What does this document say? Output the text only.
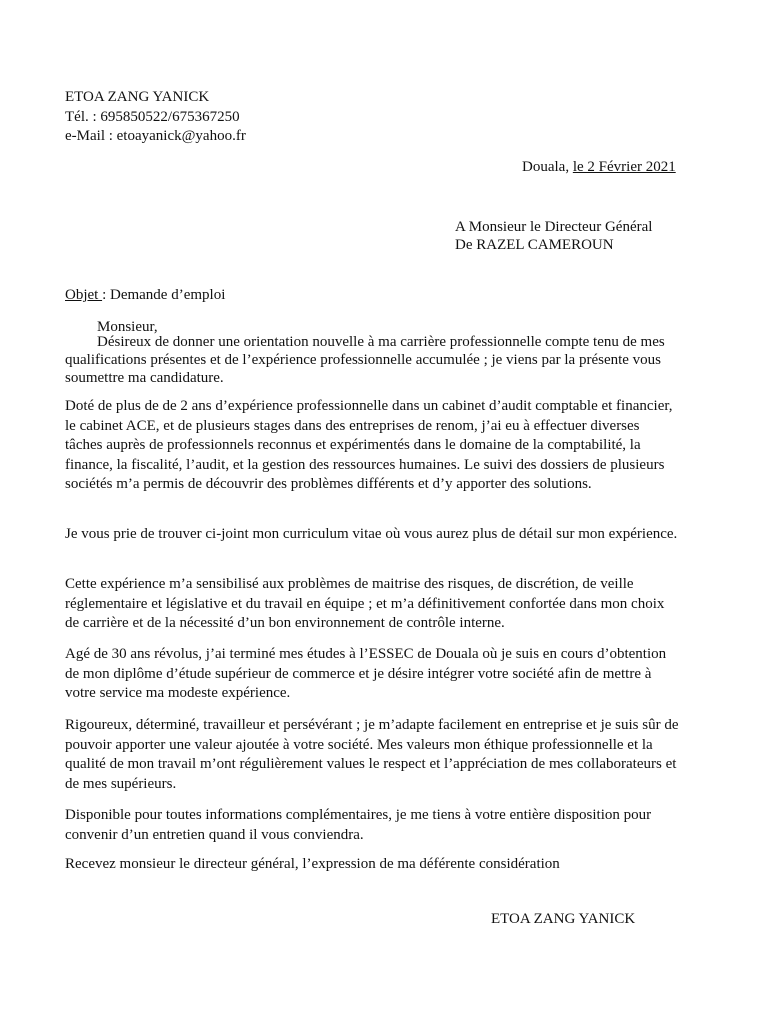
ETOA ZANG YANICK
Tél. : 695850522/675367250
e-Mail : etoayanick@yahoo.fr
Douala, le 2 Février 2021
A Monsieur le Directeur Général
De RAZEL CAMEROUN
Objet : Demande d’emploi
Monsieur,
Désireux de donner une orientation nouvelle à ma carrière professionnelle compte tenu de mes qualifications présentes et de l’expérience professionnelle accumulée ; je viens par la présente vous soumettre ma candidature.
Doté de plus de de 2 ans d’expérience professionnelle dans un cabinet d’audit comptable et financier, le cabinet ACE, et de plusieurs stages dans des entreprises de renom, j’ai eu à effectuer diverses tâches auprès de professionnels reconnus et expérimentés dans le domaine de la comptabilité, la finance, la fiscalité, l’audit, et la gestion des ressources humaines. Le suivi des dossiers de plusieurs sociétés m’a permis de découvrir des problèmes différents et d’y apporter des solutions.
Je vous prie de trouver ci-joint mon curriculum vitae où vous aurez plus de détail sur mon expérience.
Cette expérience m’a sensibilisé aux problèmes de maitrise des risques, de discrétion, de veille réglementaire et législative et du travail en équipe ; et m’a définitivement confortée dans mon choix de carrière et de la nécessité d’un bon environnement de contrôle interne.
Agé de 30 ans révolus, j’ai terminé mes études à l’ESSEC de Douala où je suis en cours d’obtention de mon diplôme d’étude supérieur de commerce et je désire intégrer votre société afin de mettre à votre service ma modeste expérience.
Rigoureux, déterminé, travailleur et persévérant ; je m’adapte facilement en entreprise et je suis sûr de pouvoir apporter une valeur ajoutée à votre société. Mes valeurs mon éthique professionnelle et la qualité de mon travail m’ont régulièrement values le respect et l’appréciation de mes collaborateurs et de mes supérieurs.
Disponible pour toutes informations complémentaires, je me tiens à votre entière disposition pour convenir d’un entretien quand il vous conviendra.
Recevez monsieur le directeur général, l’expression de ma déférente considération
ETOA ZANG YANICK
